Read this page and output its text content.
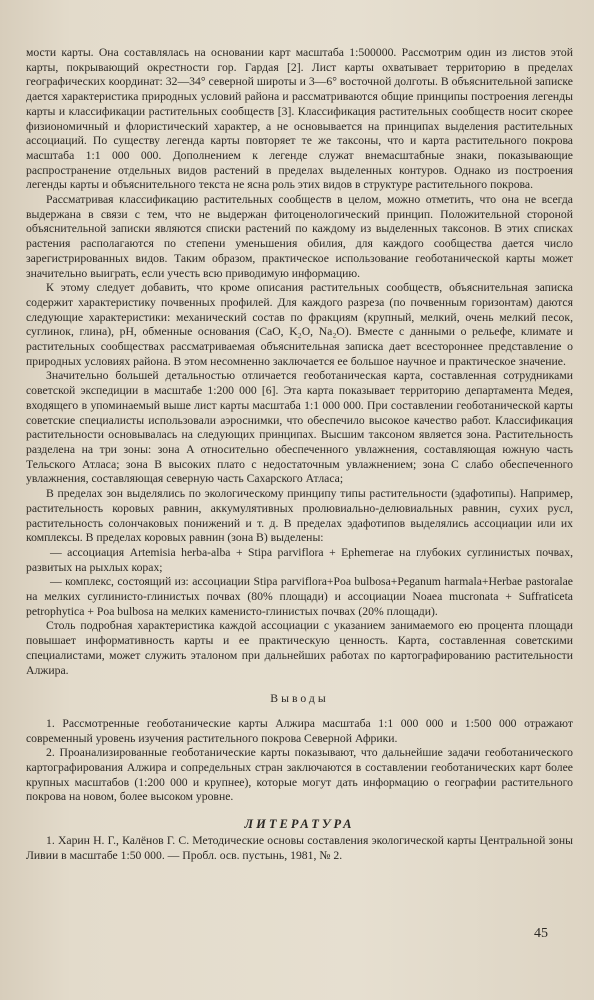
мости карты. Она составлялась на основании карт масштаба 1:500000. Рассмотрим один из листов этой карты, покрывающий окрестности гор. Гардая [2]. Лист карты охватывает территорию в пределах географических координат: 32—34° северной широты и 3—6° восточной долготы. В объяснительной записке дается характеристика природных условий района и рассматриваются общие принципы построения легенды карты и классификации растительных сообществ [3]. Классификация растительных сообществ носит скорее физиономичный и флористический характер, а не основывается на принципах выделения растительных ассоциаций. По существу легенда карты повторяет те же таксоны, что и карта растительного покрова масштаба 1:1 000 000. Дополнением к легенде служат внемасштабные знаки, показывающие распространение отдельных видов растений в пределах выделенных контуров. Однако из построения легенды карты и объяснительного текста не ясна роль этих видов в структуре растительного покрова.

Рассматривая классификацию растительных сообществ в целом, можно отметить, что она не всегда выдержана в связи с тем, что не выдержан фитоценологический принцип. Положительной стороной объяснительной записки являются списки растений по каждому из выделенных таксонов. В этих списках растения располагаются по степени уменьшения обилия, для каждого сообщества дается число зарегистрированных видов. Таким образом, практическое использование геоботанической карты может значительно выиграть, если учесть всю приводимую информацию.

К этому следует добавить, что кроме описания растительных сообществ, объяснительная записка содержит характеристику почвенных профилей. Для каждого разреза (по почвенным горизонтам) даются следующие характеристики: механический состав по фракциям (крупный, мелкий, очень мелкий песок, суглинок, глина), pH, обменные основания (CaO, K₂O, Na₂O). Вместе с данными о рельефе, климате и растительных сообществах рассматриваемая объяснительная записка дает всестороннее представление о природных условиях района. В этом несомненно заключается ее большое научное и практическое значение.

Значительно большей детальностью отличается геоботаническая карта, составленная сотрудниками советской экспедиции в масштабе 1:200 000 [6]. Эта карта показывает территорию департамента Медея, входящего в упоминаемый выше лист карты масштаба 1:1 000 000. При составлении геоботанической карты советские специалисты использовали аэроснимки, что обеспечило высокое качество работ. Классификация растительности основывалась на следующих принципах. Высшим таксоном является зона. Растительность разделена на три зоны: зона A относительно обеспеченного увлажнения, составляющая южную часть Тельского Атласа; зона B высоких плато с недостаточным увлажнением; зона C слабо обеспеченного увлажнения, составляющая северную часть Сахарского Атласа;

В пределах зон выделялись по экологическому принципу типы растительности (эдафотипы). Например, растительность коровых равнин, аккумулятивных пролювиально-делювиальных равнин, сухих русл, растительность солончаковых понижений и т. д. В пределах эдафотипов выделялись ассоциации или их комплексы. В пределах коровых равнин (зона B) выделены:

— ассоциация Artemisia herba-alba + Stipa parviflora + Ephemerae на глубоких суглинистых почвах, развитых на рыхлых корах;

— комплекс, состоящий из: ассоциации Stipa parviflora+Poa bulbosa+Peganum harmala+Herbae pastoralae на мелких суглинисто-глинистых почвах (80% площади) и ассоциации Noaea mucronata + Suffraticeta petrophytica + Poa bulbosa на мелких каменисто-глинистых почвах (20% площади).

Столь подробная характеристика каждой ассоциации с указанием занимаемого ею процента площади повышает информативность карты и ее практическую ценность. Карта, составленная советскими специалистами, может служить эталоном при дальнейших работах по картографированию растительности Алжира.

Выводы

1. Рассмотренные геоботанические карты Алжира масштаба 1:1 000 000 и 1:500 000 отражают современный уровень изучения растительного покрова Северной Африки.

2. Проанализированные геоботанические карты показывают, что дальнейшие задачи геоботанического картографирования Алжира и сопредельных стран заключаются в составлении геоботанических карт более крупных масштабов (1:200 000 и крупнее), которые могут дать информацию о географии растительного покрова на новом, более высоком уровне.

ЛИТЕРАТУРА

1. Харин Н. Г., Калёнов Г. С. Методические основы составления экологической карты Центральной зоны Ливии в масштабе 1:50 000. — Пробл. осв. пустынь, 1981, № 2.

45
